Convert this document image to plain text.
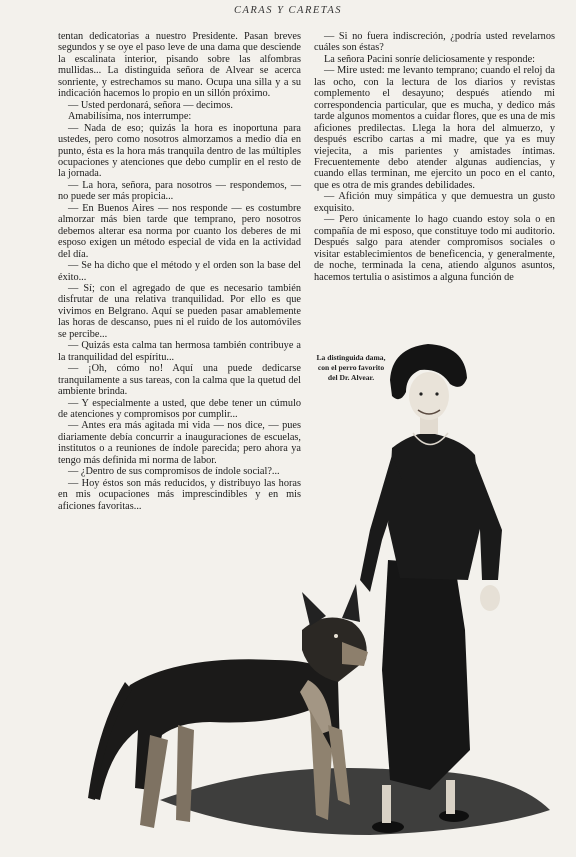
CARAS Y CARETAS

tentan dedicatorias a nuestro Presidente. Pasan breves segundos y se oye el paso leve de una dama que desciende la escalinata interior, pisando sobre las alfombras mullidas... La distinguida señora de Alvear se acerca sonriente, y estrechamos su mano. Ocupa una silla y a su indicación hacemos lo propio en un sillón próximo.

— Usted perdonará, señora — decimos.

Amabilísima, nos interrumpe:

— Nada de eso; quizás la hora es inoportuna para ustedes, pero como nosotros almorzamos a medio día en punto, ésta es la hora más tranquila dentro de las múltiples ocupaciones y atenciones que debo cumplir en el resto de la jornada.

— La hora, señora, para nosotros — respondemos, — no puede ser más propicia...

— En Buenos Aires — nos responde — es costumbre almorzar más bien tarde que temprano, pero nosotros debemos alterar esa norma por cuanto los deberes de mi esposo exigen un método especial de vida en la actividad del día.

— Se ha dicho que el método y el orden son la base del éxito...

— Sí; con el agregado de que es necesario también disfrutar de una relativa tranquilidad. Por ello es que vivimos en Belgrano. Aquí se pueden pasar amablemente las horas de descanso, pues ni el ruido de los automóviles se percibe...

— Quizás esta calma tan hermosa también contribuye a la tranquilidad del espíritu...

— ¡Oh, cómo no! Aquí una puede dedicarse tranquilamente a sus tareas, con la calma que la quetud del ambiente brinda.

— Y especialmente a usted, que debe tener un cúmulo de atenciones y compromisos por cumplir...

— Antes era más agitada mi vida — nos dice, — pues diariamente debía concurrir a inauguraciones de escuelas, institutos o a reuniones de índole parecida; pero ahora ya tengo más definida mi norma de labor.

— ¿Dentro de sus compromisos de índole social?...

— Hoy éstos son más reducidos, y distribuyo las horas en mis ocupaciones más imprescindibles y en mis aficiones favoritas...

— Si no fuera indiscreción, ¿podría usted revelarnos cuáles son éstas?

La señora Pacini sonríe deliciosamente y responde:

— Mire usted: me levanto temprano; cuando el reloj da las ocho, con la lectura de los diarios y revistas complemento el desayuno; después atiendo mi correspondencia particular, que es mucha, y dedico más tarde algunos momentos a cuidar flores, que es una de mis aficiones predilectas. Llega la hora del almuerzo, y después escribo cartas a mi madre, que ya es muy viejecita, a mis parientes y amistades íntimas. Frecuentemente debo atender algunas audiencias, y cuando ellas terminan, me ejercito un poco en el canto, que es otra de mis grandes debilidades.

— Afición muy simpática y que demuestra un gusto exquisito.

— Pero únicamente lo hago cuando estoy sola o en compañía de mi esposo, que constituye todo mi auditorio. Después salgo para atender compromisos sociales o visitar establecimientos de beneficencia, y generalmente, de noche, terminada la cena, atiendo algunos asuntos, hacemos tertulia o asistimos a alguna función de

La distinguida dama, con el perro favorito del Dr. Alvear.
